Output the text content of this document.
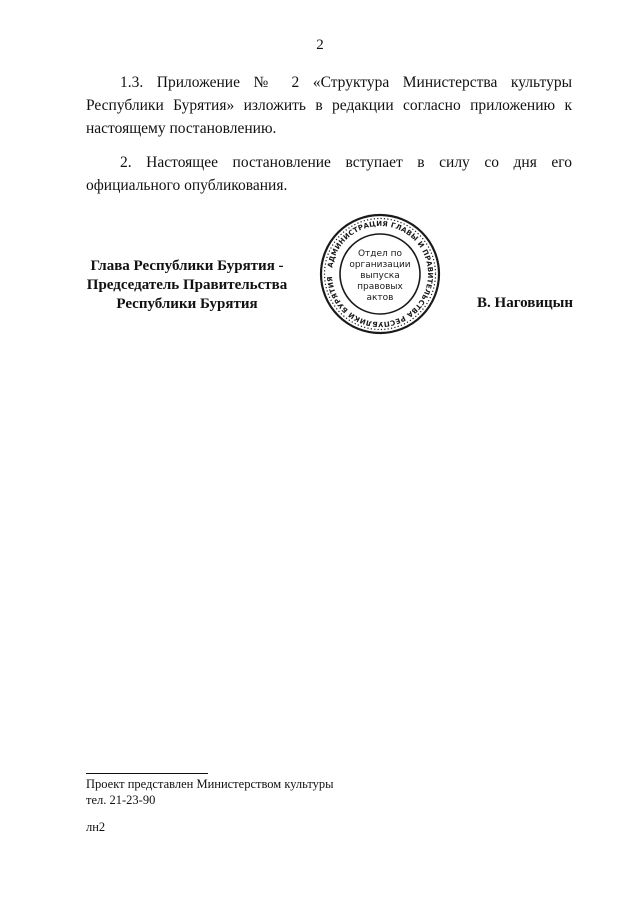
2

1.3. Приложение № 2 «Структура Министерства культуры Республики Бурятия» изложить в редакции согласно приложению к настоящему постановлению.

2. Настоящее постановление вступает в силу со дня его официального опубликования.

Глава Республики Бурятия -
Председатель Правительства
Республики Бурятия
АДМИНИСТРАЦИЯ ГЛАВЫ И ПРАВИТЕЛЬСТВА РЕСПУБЛИКИ БУРЯТИЯ
Отдел по
организации
выпуска
правовых
актов	В. Наговицын
Проект представлен Министерством культуры
тел. 21-23-90
лн2
